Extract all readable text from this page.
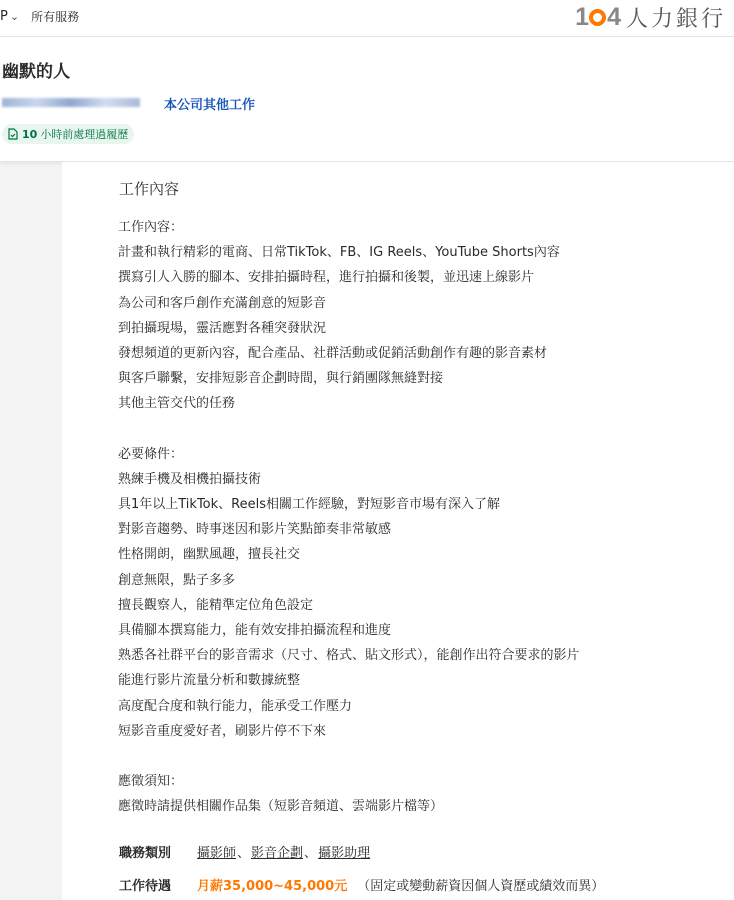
P ⌄ 所有服務	1 4 人力銀行
幽默的人
本公司其他工作
10 小時前處理過履歷
工作內容
工作內容：
計畫和執行精彩的電商、日常TikTok、FB、IG Reels、YouTube Shorts內容
撰寫引人入勝的腳本、安排拍攝時程，進行拍攝和後製，並迅速上線影片
為公司和客戶創作充滿創意的短影音
到拍攝現場，靈活應對各種突發狀況
發想頻道的更新內容，配合產品、社群活動或促銷活動創作有趣的影音素材
與客戶聯繫，安排短影音企劃時間，與行銷團隊無縫對接
其他主管交代的任務
必要條件：
熟練手機及相機拍攝技術
具1年以上TikTok、Reels相關工作經驗，對短影音市場有深入了解
對影音趨勢、時事迷因和影片笑點節奏非常敏感
性格開朗，幽默風趣，擅長社交
創意無限，點子多多
擅長觀察人，能精準定位角色設定
具備腳本撰寫能力，能有效安排拍攝流程和進度
熟悉各社群平台的影音需求（尺寸、格式、貼文形式），能創作出符合要求的影片
能進行影片流量分析和數據統整
高度配合度和執行能力，能承受工作壓力
短影音重度愛好者，刷影片停不下來
應徵須知：
應徵時請提供相關作品集（短影音頻道、雲端影片檔等）
職務類別	攝影師 、 影音企劃 、 攝影助理
工作待遇	月薪35,000~45,000元 （固定或變動薪資因個人資歷或績效而異）
